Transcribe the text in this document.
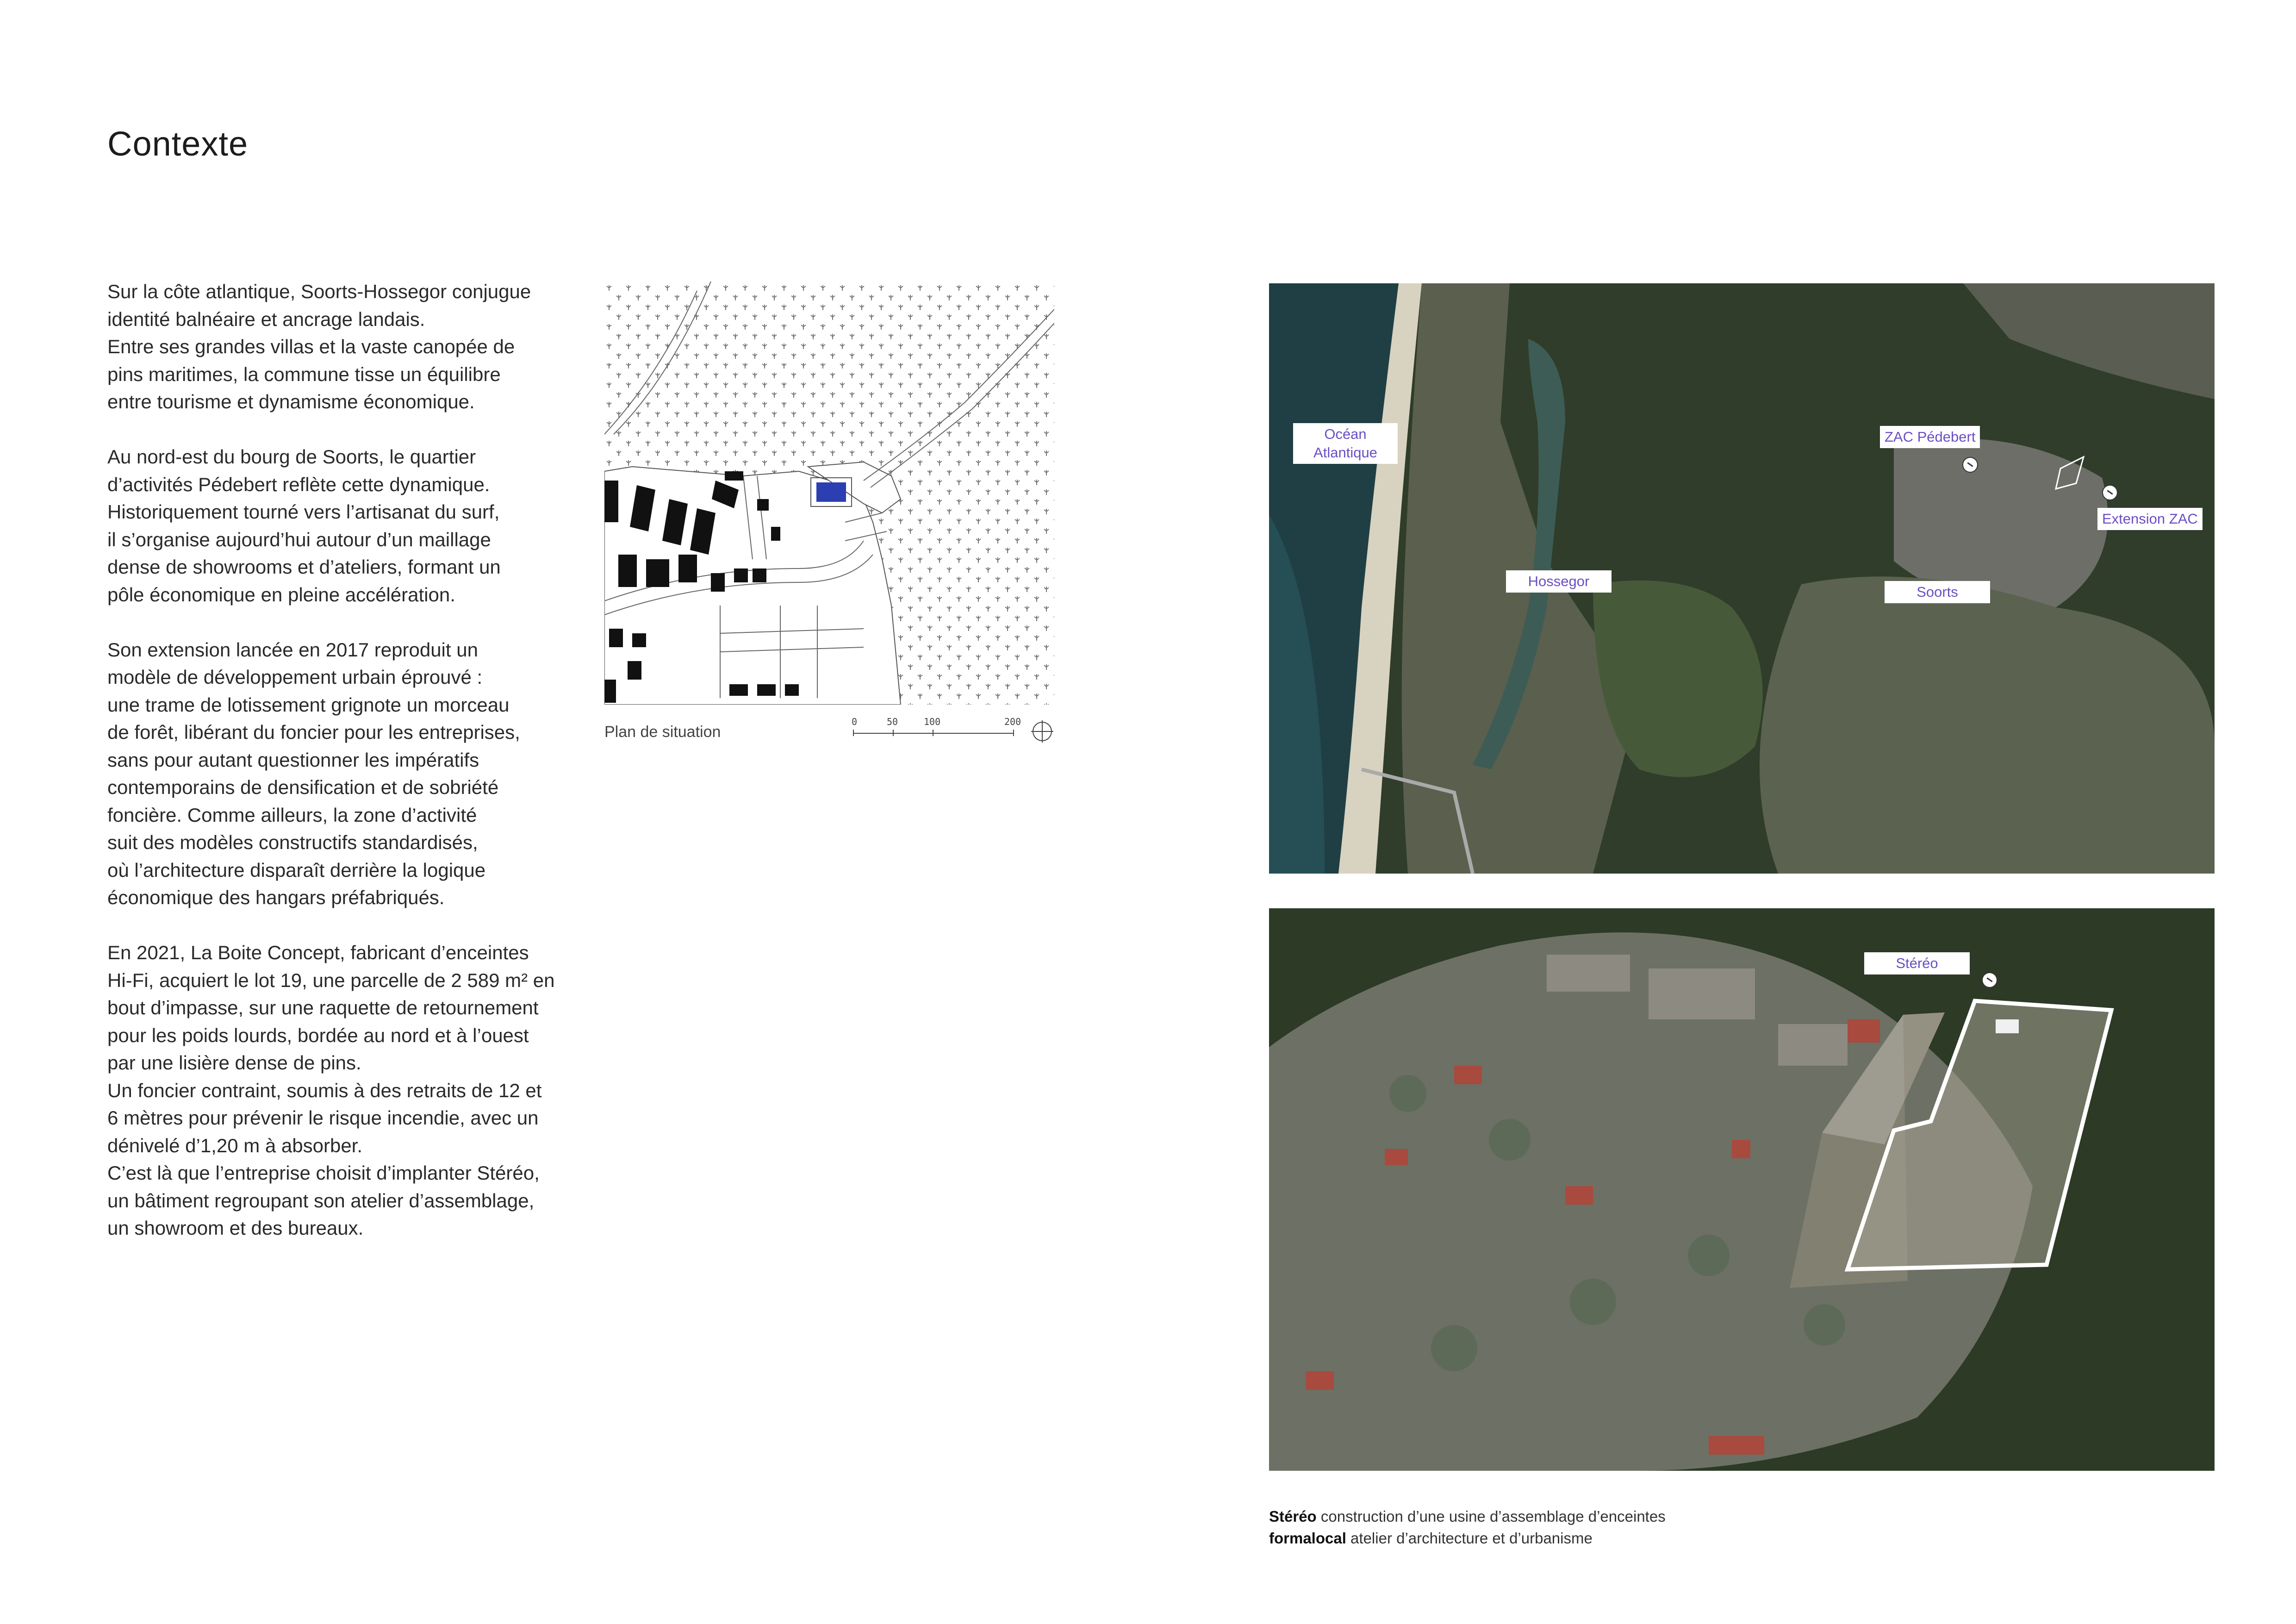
Contexte

Sur la côte atlantique, Soorts-Hossegor conjugue
identité balnéaire et ancrage landais.
Entre ses grandes villas et la vaste canopée de
pins maritimes, la commune tisse un équilibre
entre tourisme et dynamisme économique.

Au nord-est du bourg de Soorts, le quartier
d’activités Pédebert reflète cette dynamique.
Historiquement tourné vers l’artisanat du surf,
il s’organise aujourd’hui autour d’un maillage
dense de showrooms et d’ateliers, formant un
pôle économique en pleine accélération.

Son extension lancée en 2017 reproduit un
modèle de développement urbain éprouvé :
une trame de lotissement grignote un morceau
de forêt, libérant du foncier pour les entreprises,
sans pour autant questionner les impératifs
contemporains de densification et de sobriété
foncière. Comme ailleurs, la zone d’activité
suit des modèles constructifs standardisés,
où l’architecture disparaît derrière la logique
économique des hangars préfabriqués.

En 2021, La Boite Concept, fabricant d’enceintes
Hi-Fi, acquiert le lot 19, une parcelle de 2 589 m² en
bout d’impasse, sur une raquette de retournement
pour les poids lourds, bordée au nord et à l’ouest
par une lisière dense de pins.
Un foncier contraint, soumis à des retraits de 12 et
6 mètres pour prévenir le risque incendie, avec un
dénivelé d’1,20 m à absorber.
C’est là que l’entreprise choisit d’implanter Stéréo,
un bâtiment regroupant son atelier d’assemblage,
un showroom et des bureaux.

Plan de situation
0	50	100	200
Océan
Atlantique
ZAC Pédebert
Extension ZAC
Hossegor
Soorts
Stéréo
Stéréo construction d’une usine d’assemblage d’enceintes
formalocal atelier d’architecture et d’urbanisme
